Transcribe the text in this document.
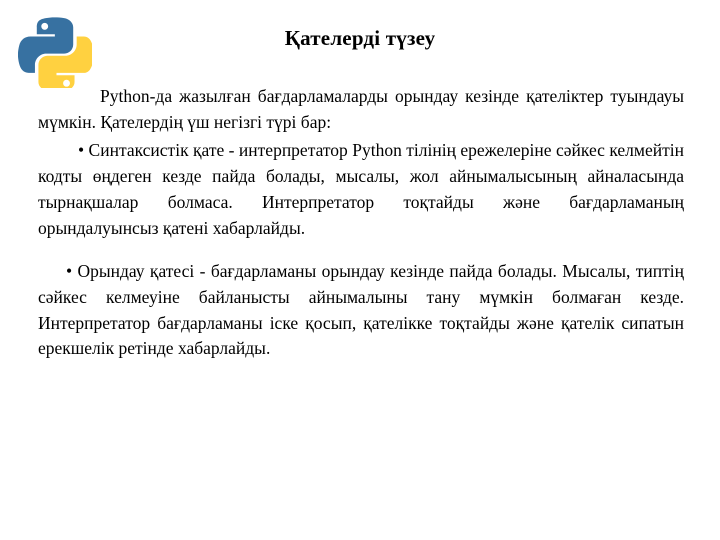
Қателерді түзеу

Python-да жазылған бағдарламаларды орындау кезінде қателіктер туындауы мүмкін. Қателердің үш негізгі түрі бар:

• Синтаксистік қате - интерпретатор Python тілінің ережелеріне сәйкес келмейтін кодты өңдеген кезде пайда болады, мысалы, жол айнымалысының айналасында тырнақшалар болмаса. Интерпретатор тоқтайды және бағдарламаның орындалуынсыз қатені хабарлайды.

• Орындау қатесі - бағдарламаны орындау кезінде пайда болады. Мысалы, типтің сәйкес келмеуіне байланысты айнымалыны тану мүмкін болмаған кезде. Интерпретатор бағдарламаны іске қосып, қателікке тоқтайды және қателік сипатын ерекшелік ретінде хабарлайды.
